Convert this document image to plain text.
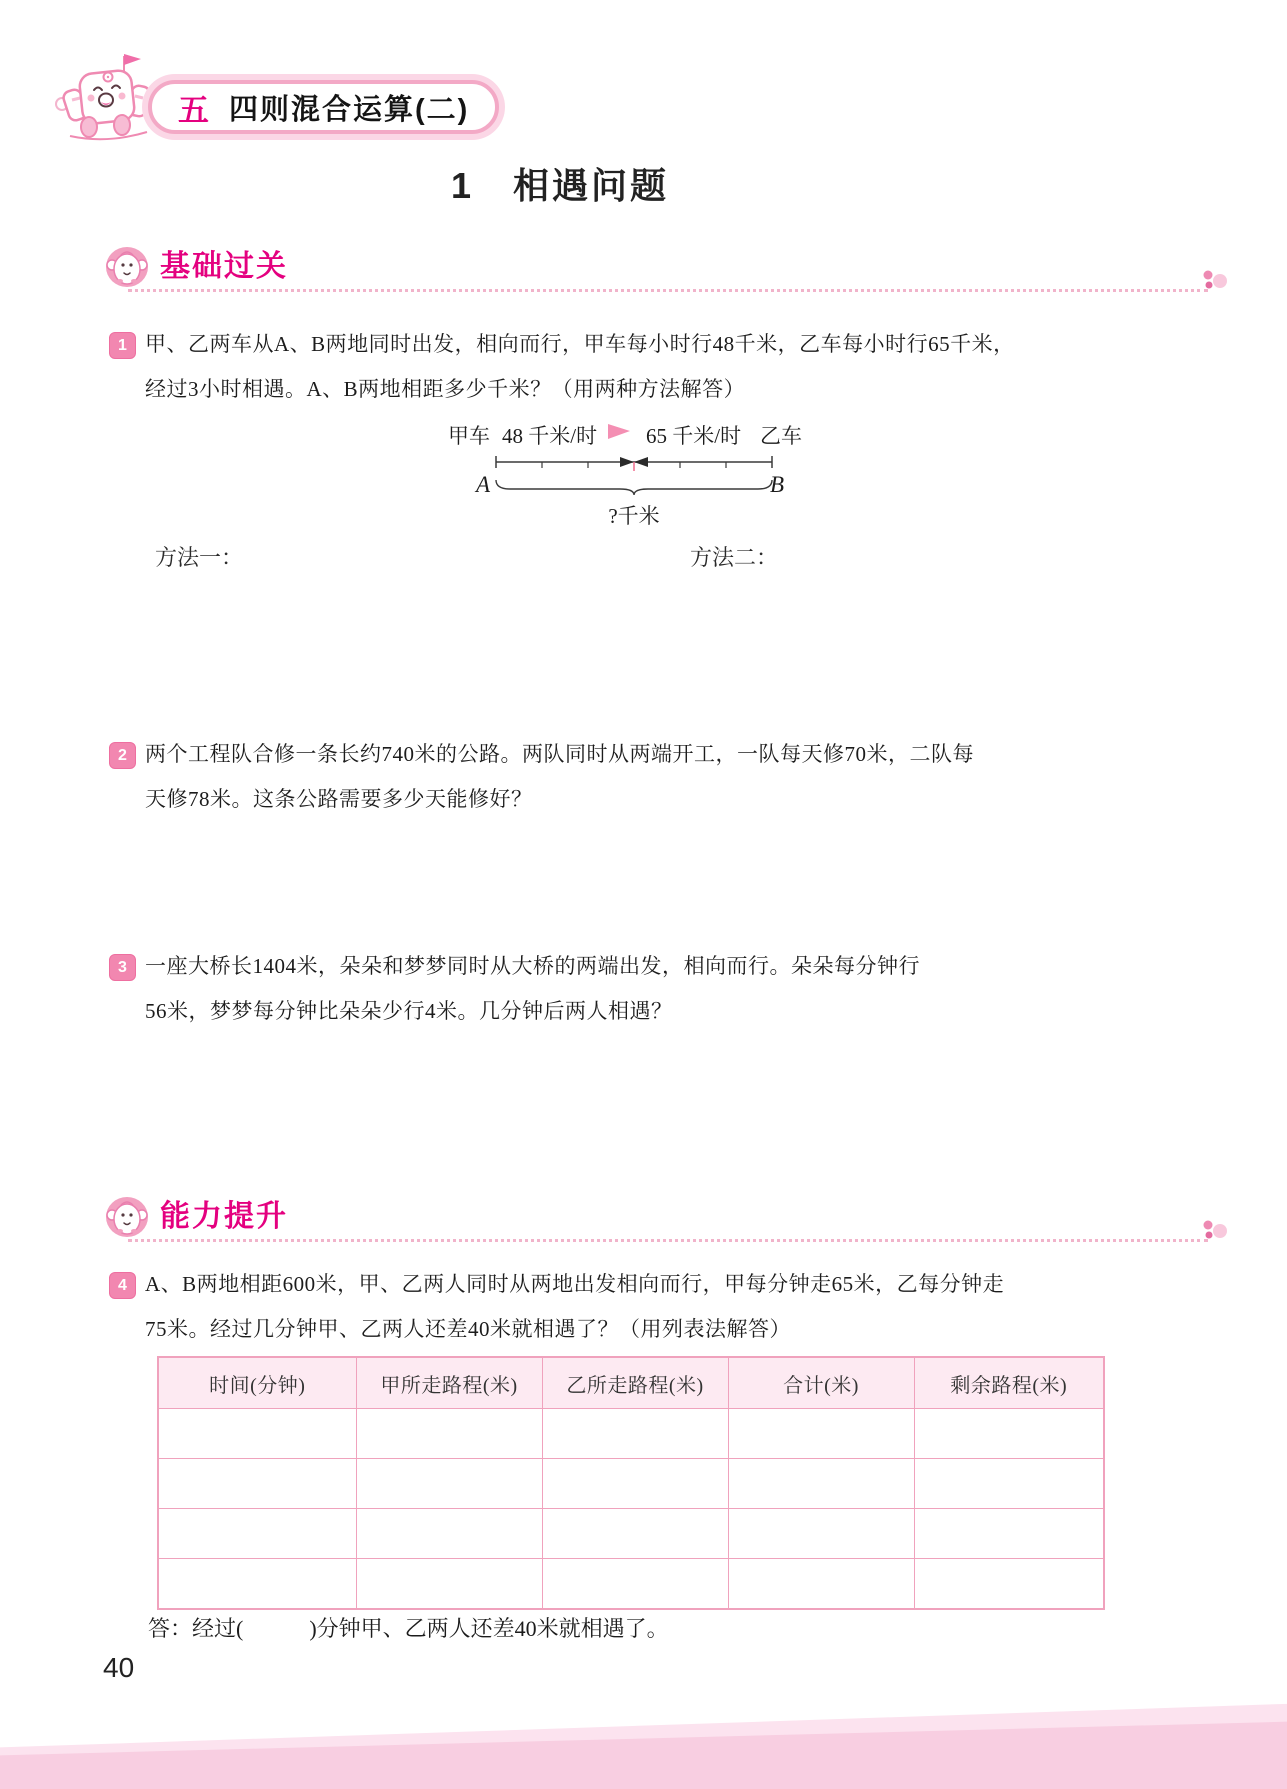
五 四则混合运算(二)
1　相遇问题
基础过关
1 甲、乙两车从A、B两地同时出发，相向而行，甲车每小时行48千米，乙车每小时行65千米，
经过3小时相遇。A、B两地相距多少千米？（用两种方法解答）
甲车 48 千米/时 65 千米/时 乙车
A	B
?千米
方法一：	方法二：
2 两个工程队合修一条长约740米的公路。两队同时从两端开工，一队每天修70米，二队每
天修78米。这条公路需要多少天能修好？
3 一座大桥长1404米，朵朵和梦梦同时从大桥的两端出发，相向而行。朵朵每分钟行
56米，梦梦每分钟比朵朵少行4米。几分钟后两人相遇？
能力提升
4 A、B两地相距600米，甲、乙两人同时从两地出发相向而行，甲每分钟走65米，乙每分钟走
75米。经过几分钟甲、乙两人还差40米就相遇了？（用列表法解答）
时间(分钟)	甲所走路程(米)	乙所走路程(米)	合计(米)	剩余路程(米)

答：经过(　　　)分钟甲、乙两人还差40米就相遇了。
40
